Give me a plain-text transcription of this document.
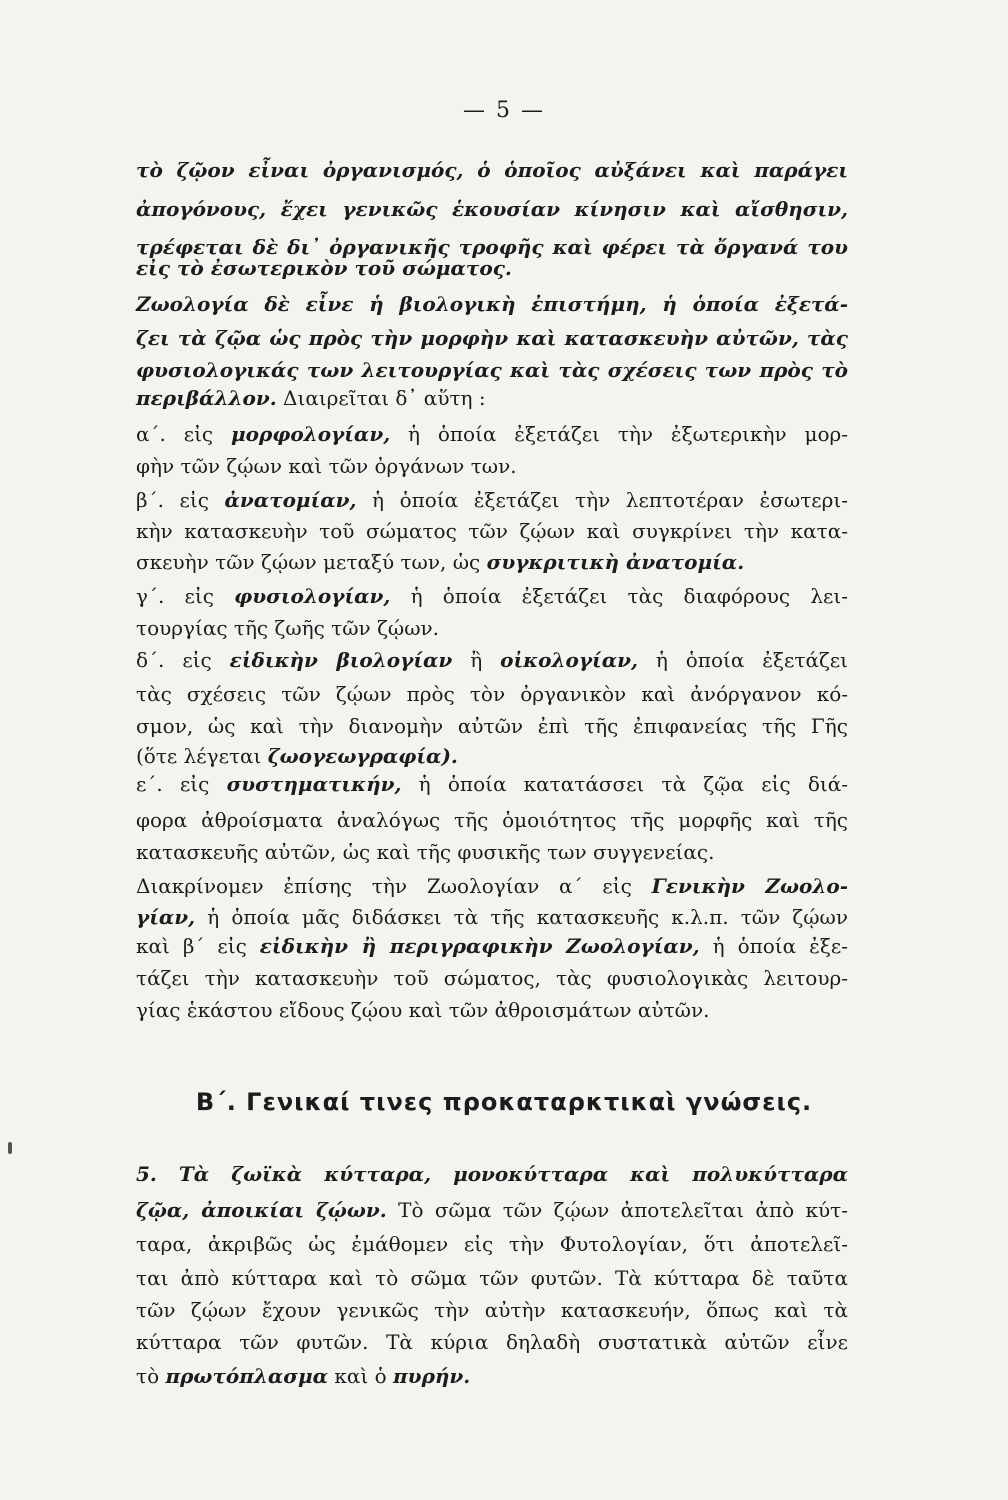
— 5 —
τὸ ζῷον εἶναι ὀργανισμός, ὁ ὁποῖος αὐξάνει καὶ παράγει
ἀπογόνους, ἔχει γενικῶς ἑκουσίαν κίνησιν καὶ αἴσθησιν,
τρέφεται δὲ δι᾽ ὀργανικῆς τροφῆς καὶ φέρει τὰ ὄργανά του
εἰς τὸ ἐσωτερικὸν τοῦ σώματος.
Ζωολογία δὲ εἶνε ἡ βιολογικὴ ἐπιστήμη, ἡ ὁποία ἐξετά-
ζει τὰ ζῷα ὡς πρὸς τὴν μορφὴν καὶ κατασκευὴν αὐτῶν, τὰς
φυσιολογικάς των λειτουργίας καὶ τὰς σχέσεις των πρὸς τὸ
περιβάλλον. Διαιρεῖται δ᾽ αὕτη :
α΄. εἰς μορφολογίαν, ἡ ὁποία ἐξετάζει τὴν ἐξωτερικὴν μορ-
φὴν τῶν ζῴων καὶ τῶν ὀργάνων των.
β΄. εἰς ἀνατομίαν, ἡ ὁποία ἐξετάζει τὴν λεπτοτέραν ἐσωτερι-
κὴν κατασκευὴν τοῦ σώματος τῶν ζῴων καὶ συγκρίνει τὴν κατα-
σκευὴν τῶν ζῴων μεταξύ των, ὡς συγκριτικὴ ἀνατομία.
γ΄. εἰς φυσιολογίαν, ἡ ὁποία ἐξετάζει τὰς διαφόρους λει-
τουργίας τῆς ζωῆς τῶν ζῴων.
δ΄. εἰς εἰδικὴν βιολογίαν ἢ οἰκολογίαν, ἡ ὁποία ἐξετάζει
τὰς σχέσεις τῶν ζῴων πρὸς τὸν ὀργανικὸν καὶ ἀνόργανον κό-
σμον, ὡς καὶ τὴν διανομὴν αὐτῶν ἐπὶ τῆς ἐπιφανείας τῆς Γῆς
(ὅτε λέγεται ζωογεωγραφία).
ε΄. εἰς συστηματικήν, ἡ ὁποία κατατάσσει τὰ ζῷα εἰς διά-
φορα ἀθροίσματα ἀναλόγως τῆς ὁμοιότητος τῆς μορφῆς καὶ τῆς
κατασκευῆς αὐτῶν, ὡς καὶ τῆς φυσικῆς των συγγενείας.
Διακρίνομεν ἐπίσης τὴν Ζωολογίαν α΄ εἰς Γενικὴν Ζωολο-
γίαν, ἡ ὁποία μᾶς διδάσκει τὰ τῆς κατασκευῆς κ.λ.π. τῶν ζῴων
καὶ β΄ εἰς εἰδικὴν ἢ περιγραφικὴν Ζωολογίαν, ἡ ὁποία ἐξε-
τάζει τὴν κατασκευὴν τοῦ σώματος, τὰς φυσιολογικὰς λειτουρ-
γίας ἑκάστου εἴδους ζῴου καὶ τῶν ἀθροισμάτων αὐτῶν.
Β΄. Γενικαί τινες προκαταρκτικαὶ γνώσεις.
5. Τὰ ζωϊκὰ κύτταρα, μονοκύτταρα καὶ πολυκύτταρα
ζῷα, ἀποικίαι ζῴων. Τὸ σῶμα τῶν ζῴων ἀποτελεῖται ἀπὸ κύτ-
ταρα, ἀκριβῶς ὡς ἐμάθομεν εἰς τὴν Φυτολογίαν, ὅτι ἀποτελεῖ-
ται ἀπὸ κύτταρα καὶ τὸ σῶμα τῶν φυτῶν. Τὰ κύτταρα δὲ ταῦτα
τῶν ζῴων ἔχουν γενικῶς τὴν αὐτὴν κατασκευήν, ὅπως καὶ τὰ
κύτταρα τῶν φυτῶν. Τὰ κύρια δηλαδὴ συστατικὰ αὐτῶν εἶνε
τὸ πρωτόπλασμα καὶ ὁ πυρήν.
